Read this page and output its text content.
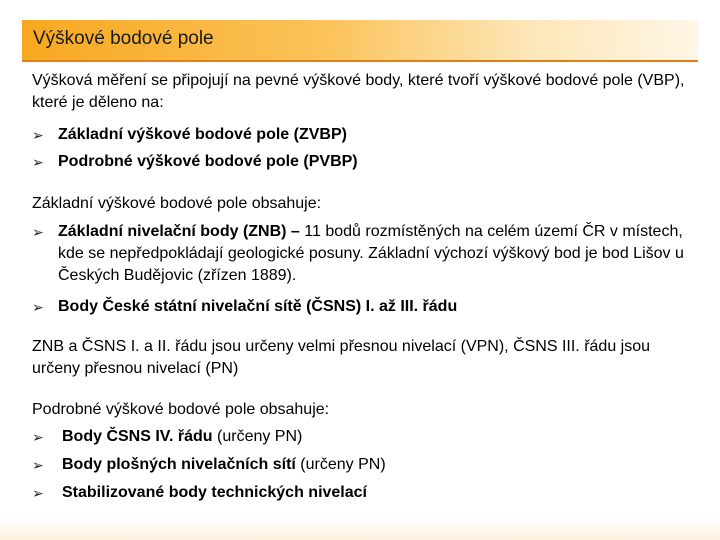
Výškové bodové pole
Výšková měření se připojují na pevné výškové body, které tvoří výškové bodové pole (VBP), které je děleno na:
➢ Základní výškové bodové pole (ZVBP)
➢ Podrobné výškové bodové pole (PVBP)
Základní výškové bodové pole obsahuje:
➢ Základní nivelační body (ZNB) – 11 bodů rozmístěných na celém území ČR v místech, kde se nepředpokládají geologické posuny. Základní výchozí výškový bod je bod Lišov u Českých Budějovic (zřízen 1889).
➢ Body České státní nivelační sítě (ČSNS) I. až III. řádu
ZNB a ČSNS I. a II. řádu jsou určeny velmi přesnou nivelací (VPN), ČSNS III. řádu jsou určeny přesnou nivelací (PN)
Podrobné výškové bodové pole obsahuje:
➢ Body ČSNS IV. řádu (určeny PN)
➢ Body plošných nivelačních sítí (určeny PN)
➢ Stabilizované body technických nivelací
